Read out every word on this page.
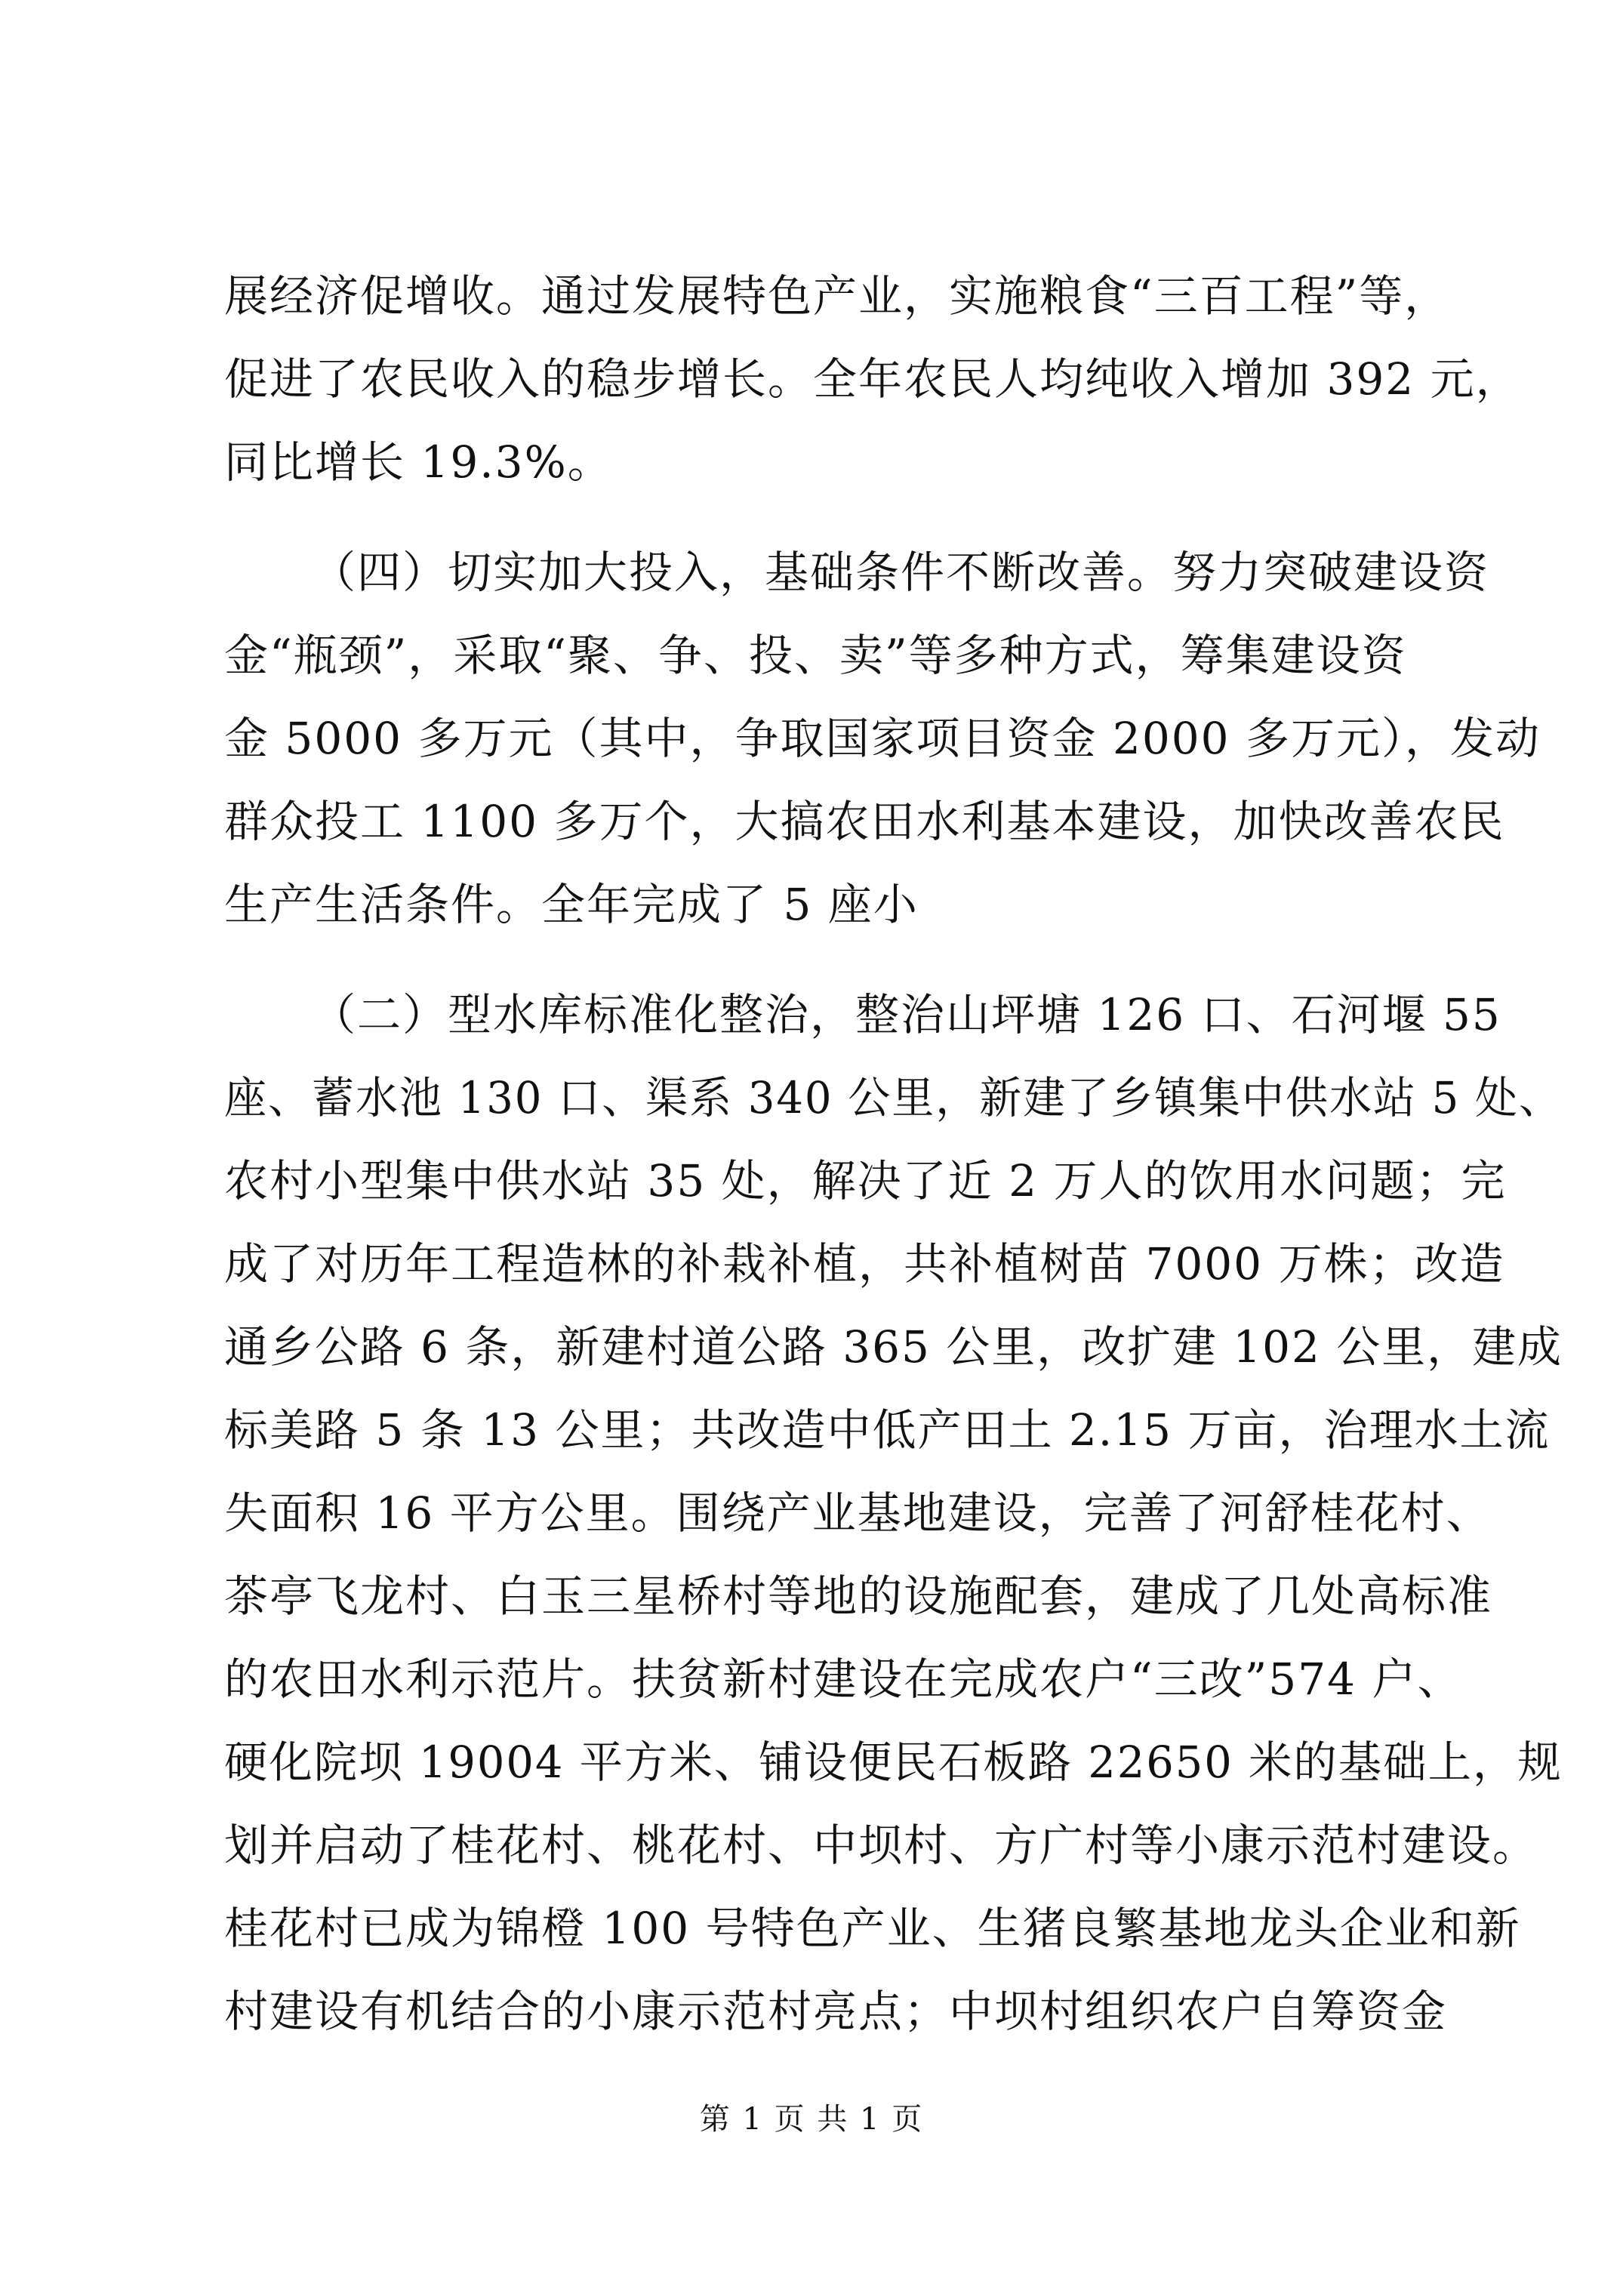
展经济促增收。通过发展特色产业，实施粮食“三百工程”等，
促进了农民收入的稳步增长。全年农民人均纯收入增加 392 元，
同比增长 19.3%。
（四）切实加大投入，基础条件不断改善。努力突破建设资
金“瓶颈”，采取“聚、争、投、卖”等多种方式，筹集建设资
金 5000 多万元（其中，争取国家项目资金 2000 多万元），发动
群众投工 1100 多万个，大搞农田水利基本建设，加快改善农民
生产生活条件。全年完成了 5 座小
（二）型水库标准化整治，整治山坪塘 126 口、石河堰 55
座、蓄水池 130 口、渠系 340 公里，新建了乡镇集中供水站 5 处、
农村小型集中供水站 35 处，解决了近 2 万人的饮用水问题；完
成了对历年工程造林的补栽补植，共补植树苗 7000 万株；改造
通乡公路 6 条，新建村道公路 365 公里，改扩建 102 公里，建成
标美路 5 条 13 公里；共改造中低产田土 2.15 万亩，治理水土流
失面积 16 平方公里。围绕产业基地建设，完善了河舒桂花村、
茶亭飞龙村、白玉三星桥村等地的设施配套，建成了几处高标准
的农田水利示范片。扶贫新村建设在完成农户“三改”574 户、
硬化院坝 19004 平方米、铺设便民石板路 22650 米的基础上，规
划并启动了桂花村、桃花村、中坝村、方广村等小康示范村建设。
桂花村已成为锦橙 100 号特色产业、生猪良繁基地龙头企业和新
村建设有机结合的小康示范村亮点；中坝村组织农户自筹资金
第 1 页 共 1 页
